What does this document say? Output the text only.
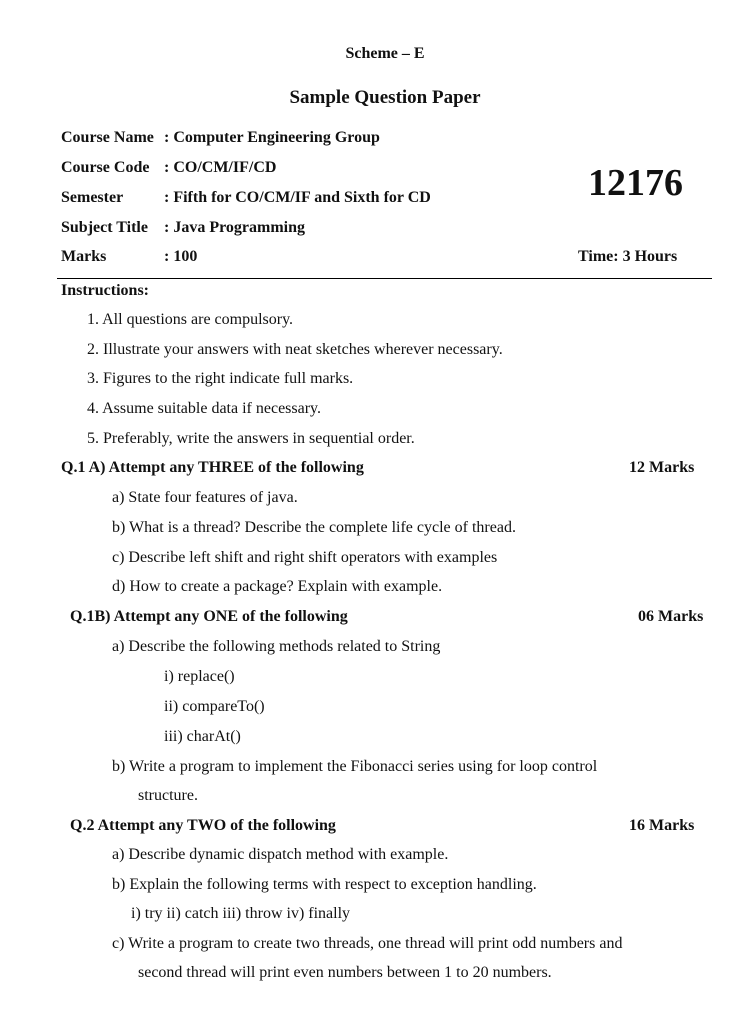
Scheme – E
Sample Question Paper
12176
Course Name : Computer Engineering Group
Course Code : CO/CM/IF/CD
Semester	: Fifth for CO/CM/IF and Sixth for CD
Subject Title : Java Programming
Marks	: 100	Time: 3 Hours
Instructions:
1. All questions are compulsory.
2. Illustrate your answers with neat sketches wherever necessary.
3. Figures to the right indicate full marks.
4. Assume suitable data if necessary.
5. Preferably, write the answers in sequential order.
Q.1 A) Attempt any THREE of the following	12 Marks
a) State four features of java.
b) What is a thread? Describe the complete life cycle of thread.
c) Describe left shift and right shift operators with examples
d) How to create a package? Explain with example.
Q.1B) Attempt any ONE of the following	06 Marks
a) Describe the following methods related to String
i) replace()
ii) compareTo()
iii) charAt()
b) Write a program to implement the Fibonacci series using for loop control
structure.
Q.2 Attempt any TWO of the following	16 Marks
a) Describe dynamic dispatch method with example.
b) Explain the following terms with respect to exception handling.
i) try ii) catch iii) throw iv) finally
c) Write a program to create two threads, one thread will print odd numbers and
second thread will print even numbers between 1 to 20 numbers.
